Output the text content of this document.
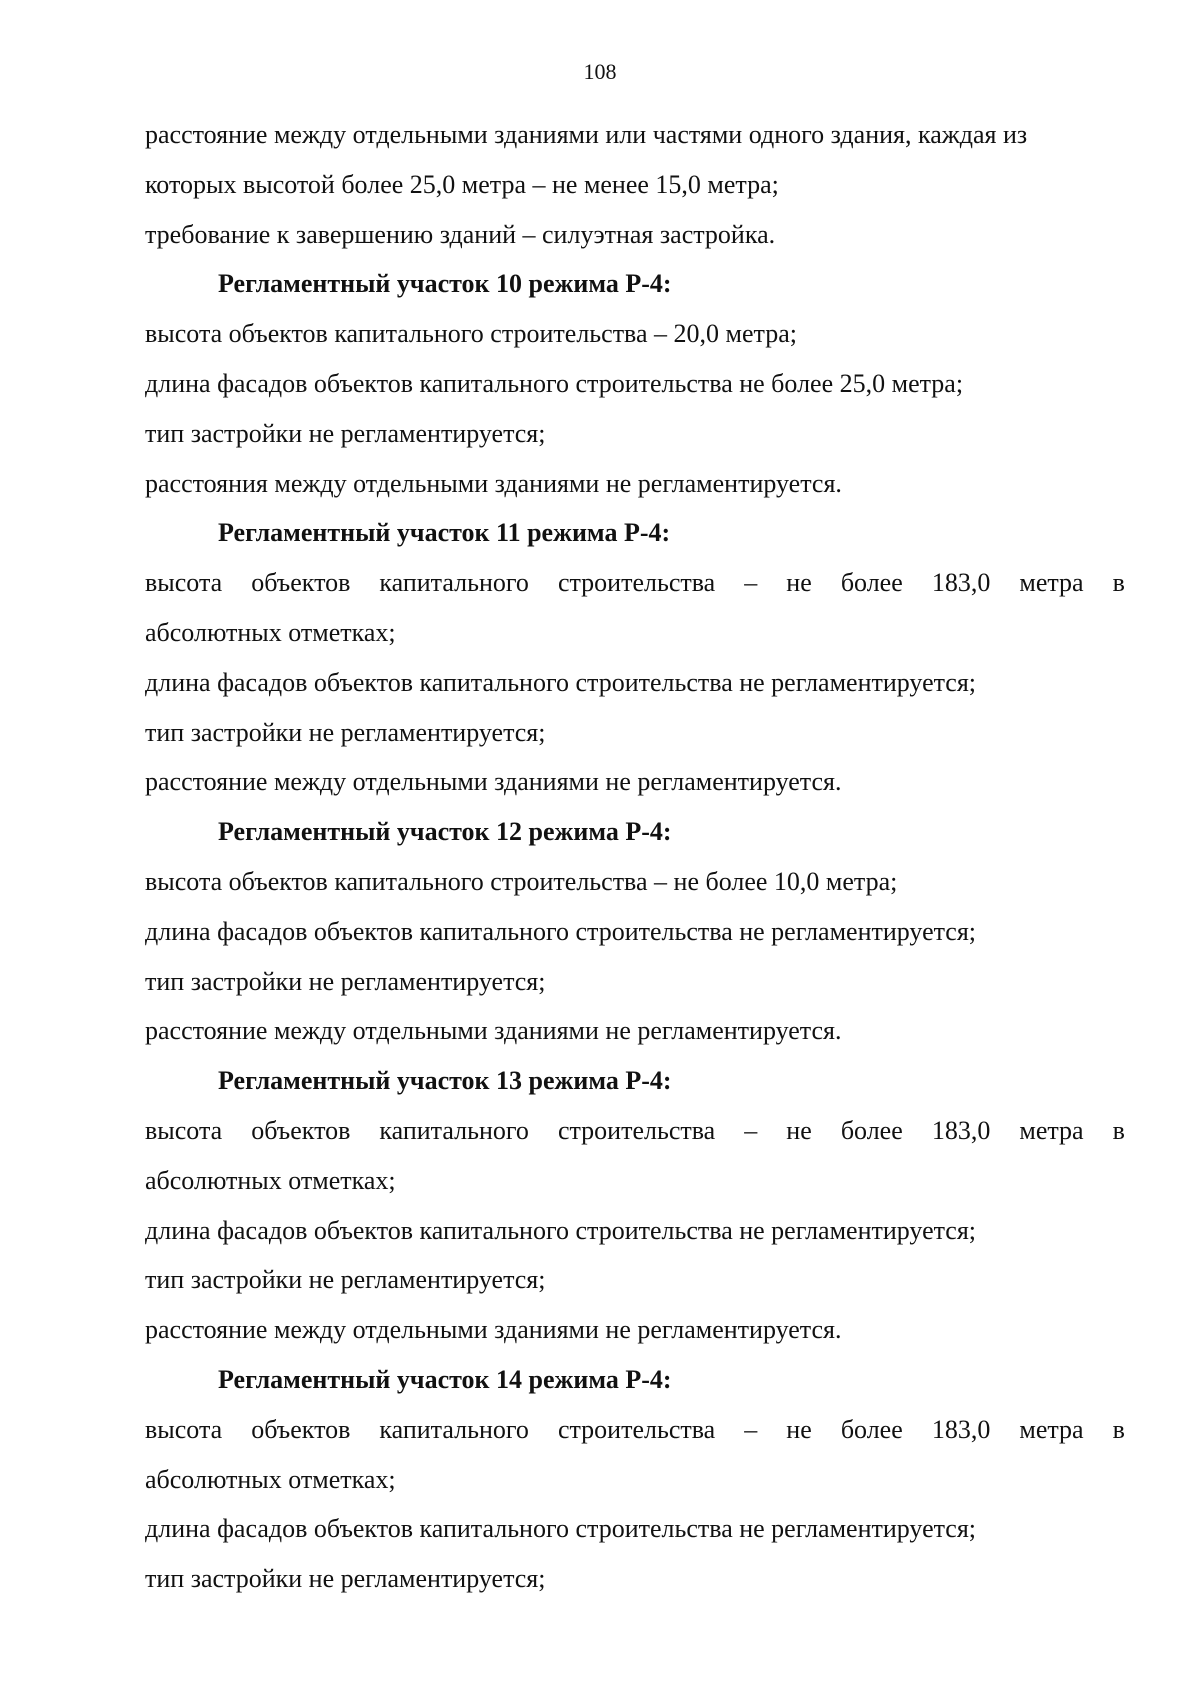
108
расстояние между отдельными зданиями или частями одного здания, каждая из
которых высотой более 25,0 метра – не менее 15,0 метра;
требование к завершению зданий – силуэтная застройка.
Регламентный участок 10 режима Р-4:
высота объектов капитального строительства – 20,0 метра;
длина фасадов объектов капитального строительства не более 25,0 метра;
тип застройки не регламентируется;
расстояния между отдельными зданиями не регламентируется.
Регламентный участок 11 режима Р-4:
высота объектов капитального строительства – не более 183,0 метра в
абсолютных отметках;
длина фасадов объектов капитального строительства не регламентируется;
тип застройки не регламентируется;
расстояние между отдельными зданиями не регламентируется.
Регламентный участок 12 режима Р-4:
высота объектов капитального строительства – не более 10,0 метра;
длина фасадов объектов капитального строительства не регламентируется;
тип застройки не регламентируется;
расстояние между отдельными зданиями не регламентируется.
Регламентный участок 13 режима Р-4:
высота объектов капитального строительства – не более 183,0 метра в
абсолютных отметках;
длина фасадов объектов капитального строительства не регламентируется;
тип застройки не регламентируется;
расстояние между отдельными зданиями не регламентируется.
Регламентный участок 14 режима Р-4:
высота объектов капитального строительства – не более 183,0 метра в
абсолютных отметках;
длина фасадов объектов капитального строительства не регламентируется;
тип застройки не регламентируется;
